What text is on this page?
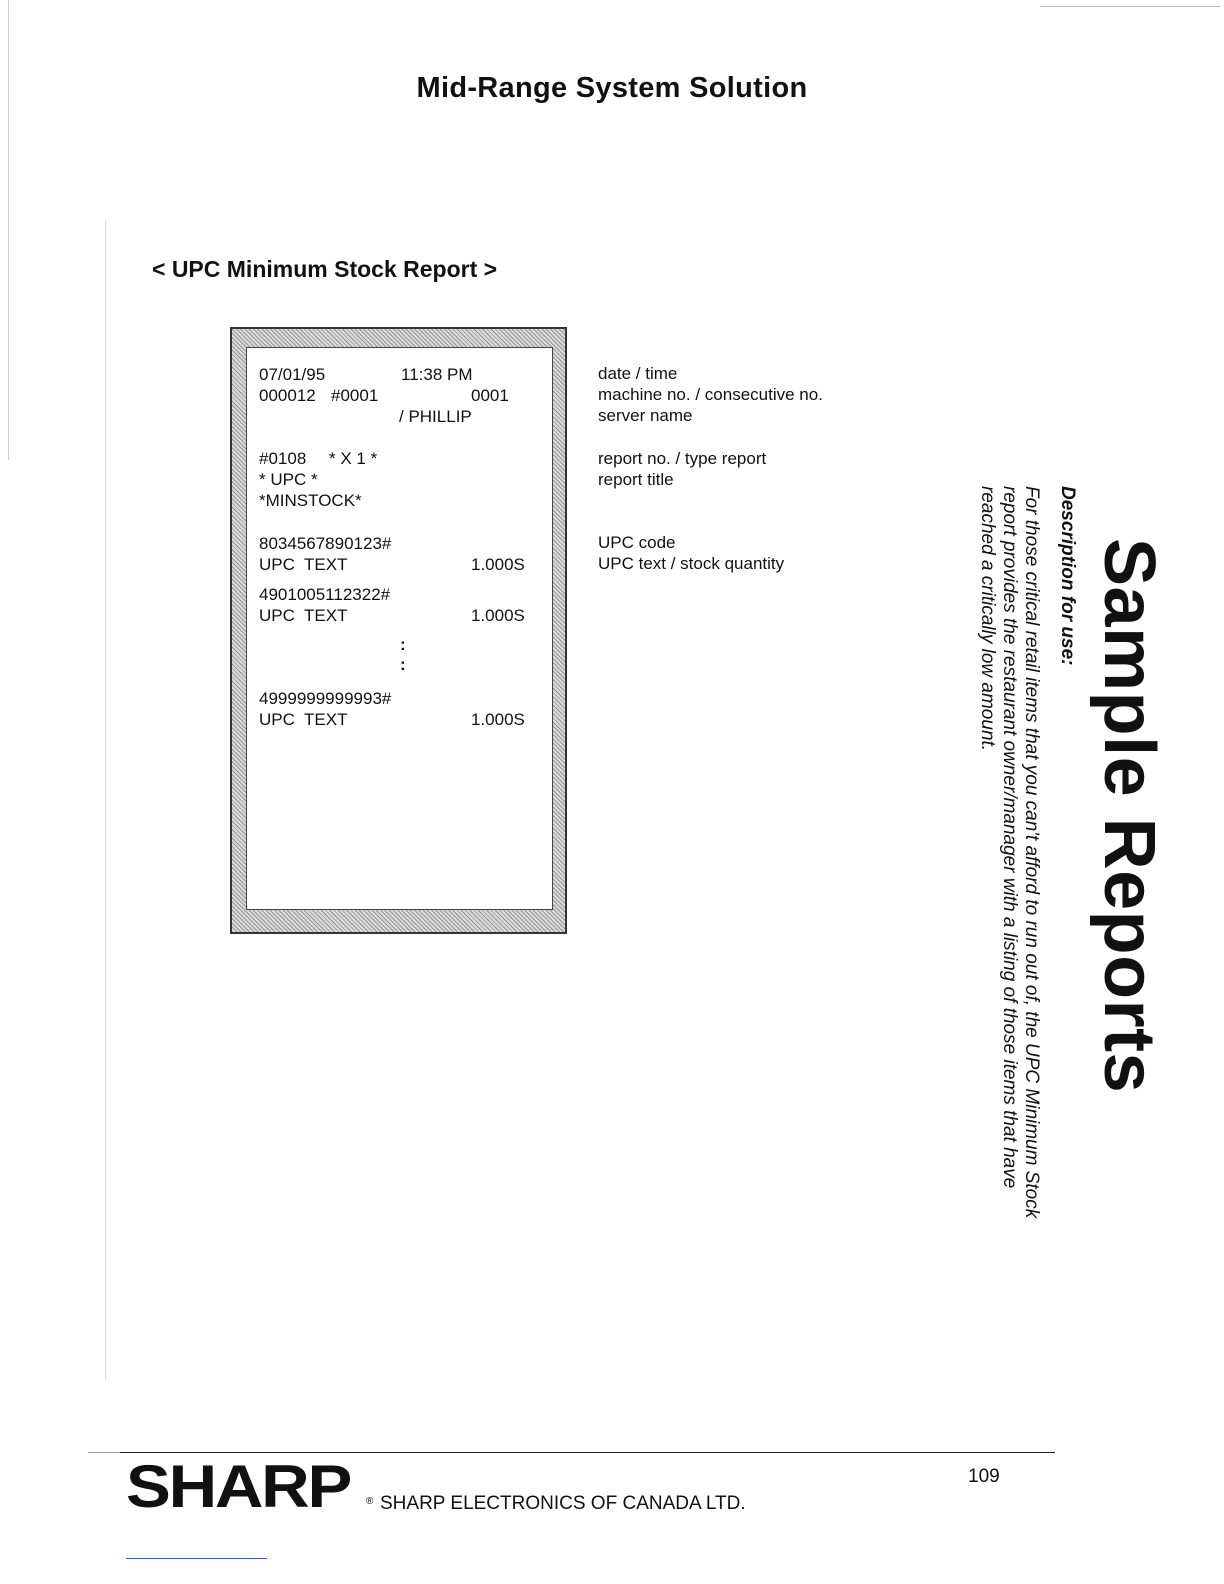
Mid-Range System Solution
< UPC Minimum Stock Report >
07/01/95	11:38 PM
000012 #0001	0001
/ PHILLIP
#0108 * X 1 *
* UPC *
*MINSTOCK*
8034567890123#
UPC  TEXT	1.000S
4901005112322#
UPC  TEXT	1.000S
:
:
4999999999993#
UPC  TEXT	1.000S
date / time
machine no. / consecutive no.
server name
report no. / type report
report title
UPC code
UPC text / stock quantity	Sample Reports
Description for use:
For those critical retail items that you can't afford to run out of, the UPC Minimum Stock
report provides the restaurant owner/manager with a listing of those items that have
reached a critically low amount.
SHARP ® SHARP ELECTRONICS OF CANADA LTD.
109
